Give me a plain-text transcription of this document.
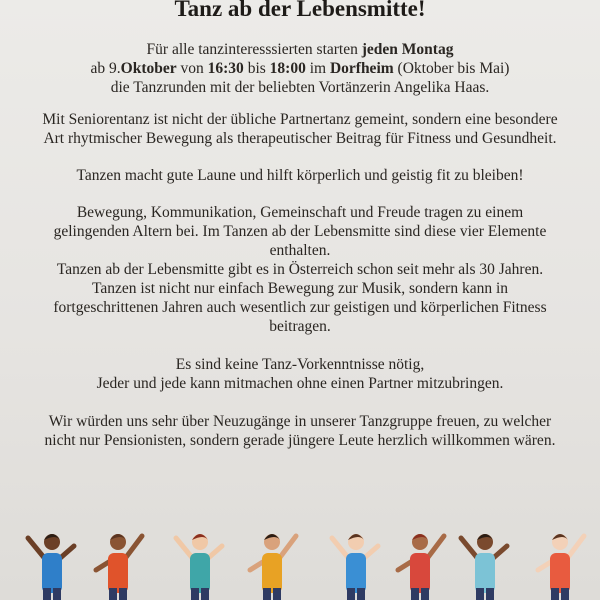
Tanz ab der Lebensmitte!
Für alle tanzinteresssierten starten jeden Montag
ab 9.Oktober von 16:30 bis 18:00 im Dorfheim (Oktober bis Mai)
die Tanzrunden mit der beliebten Vortänzerin Angelika Haas.
Mit Seniorentanz ist nicht der übliche Partnertanz gemeint, sondern eine besondere
Art rhytmischer Bewegung als therapeutischer Beitrag für Fitness und Gesundheit.
Tanzen macht gute Laune und hilft körperlich und geistig fit zu bleiben!
Bewegung, Kommunikation, Gemeinschaft und Freude tragen zu einem
gelingenden Altern bei. Im Tanzen ab der Lebensmitte sind diese vier Elemente
enthalten.
Tanzen ab der Lebensmitte gibt es in Österreich schon seit mehr als 30 Jahren.
Tanzen ist nicht nur einfach Bewegung zur Musik, sondern kann in
fortgeschrittenen Jahren auch wesentlich zur geistigen und körperlichen Fitness
beitragen.
Es sind keine Tanz-Vorkenntnisse nötig,
Jeder und jede kann mitmachen ohne einen Partner mitzubringen.
Wir würden uns sehr über Neuzugänge in unserer Tanzgruppe freuen, zu welcher
nicht nur Pensionisten, sondern gerade jüngere Leute herzlich willkommen wären.
